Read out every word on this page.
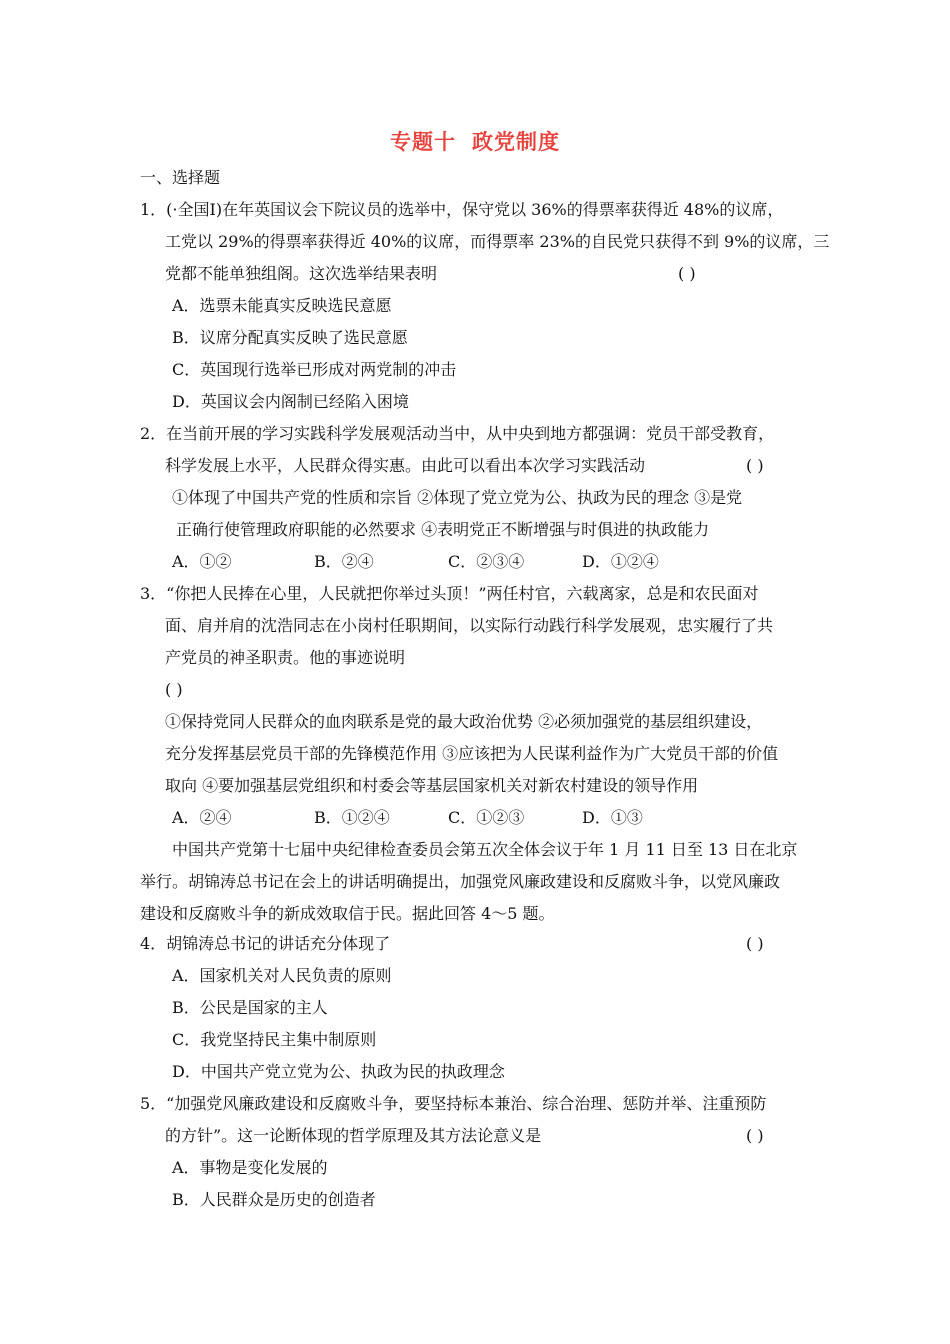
专题十 政党制度
一、选择题
1．(·全国Ⅰ)在年英国议会下院议员的选举中，保守党以 36%的得票率获得近 48%的议席，
工党以 29%的得票率获得近 40%的议席，而得票率 23%的自民党只获得不到 9%的议席，三
党都不能单独组阁。这次选举结果表明	( )
A．选票未能真实反映选民意愿
B．议席分配真实反映了选民意愿
C．英国现行选举已形成对两党制的冲击
D．英国议会内阁制已经陷入困境
2．在当前开展的学习实践科学发展观活动当中，从中央到地方都强调：党员干部受教育，
科学发展上水平，人民群众得实惠。由此可以看出本次学习实践活动	( )
①体现了中国共产党的性质和宗旨 ②体现了党立党为公、执政为民的理念 ③是党
正确行使管理政府职能的必然要求 ④表明党正不断增强与时俱进的执政能力
A．①②	B．②④	C．②③④	D．①②④
3．“你把人民捧在心里，人民就把你举过头顶！”两任村官，六载离家，总是和农民面对
面、肩并肩的沈浩同志在小岗村任职期间，以实际行动践行科学发展观，忠实履行了共
产党员的神圣职责。他的事迹说明
( )
①保持党同人民群众的血肉联系是党的最大政治优势 ②必须加强党的基层组织建设，
充分发挥基层党员干部的先锋模范作用 ③应该把为人民谋利益作为广大党员干部的价值
取向 ④要加强基层党组织和村委会等基层国家机关对新农村建设的领导作用
A．②④	B．①②④	C．①②③	D．①③
中国共产党第十七届中央纪律检查委员会第五次全体会议于年 1 月 11 日至 13 日在北京
举行。胡锦涛总书记在会上的讲话明确提出，加强党风廉政建设和反腐败斗争，以党风廉政
建设和反腐败斗争的新成效取信于民。据此回答 4～5 题。
4．胡锦涛总书记的讲话充分体现了	( )
A．国家机关对人民负责的原则
B．公民是国家的主人
C．我党坚持民主集中制原则
D．中国共产党立党为公、执政为民的执政理念
5．“加强党风廉政建设和反腐败斗争，要坚持标本兼治、综合治理、惩防并举、注重预防
的方针”。这一论断体现的哲学原理及其方法论意义是	( )
A．事物是变化发展的
B．人民群众是历史的创造者
